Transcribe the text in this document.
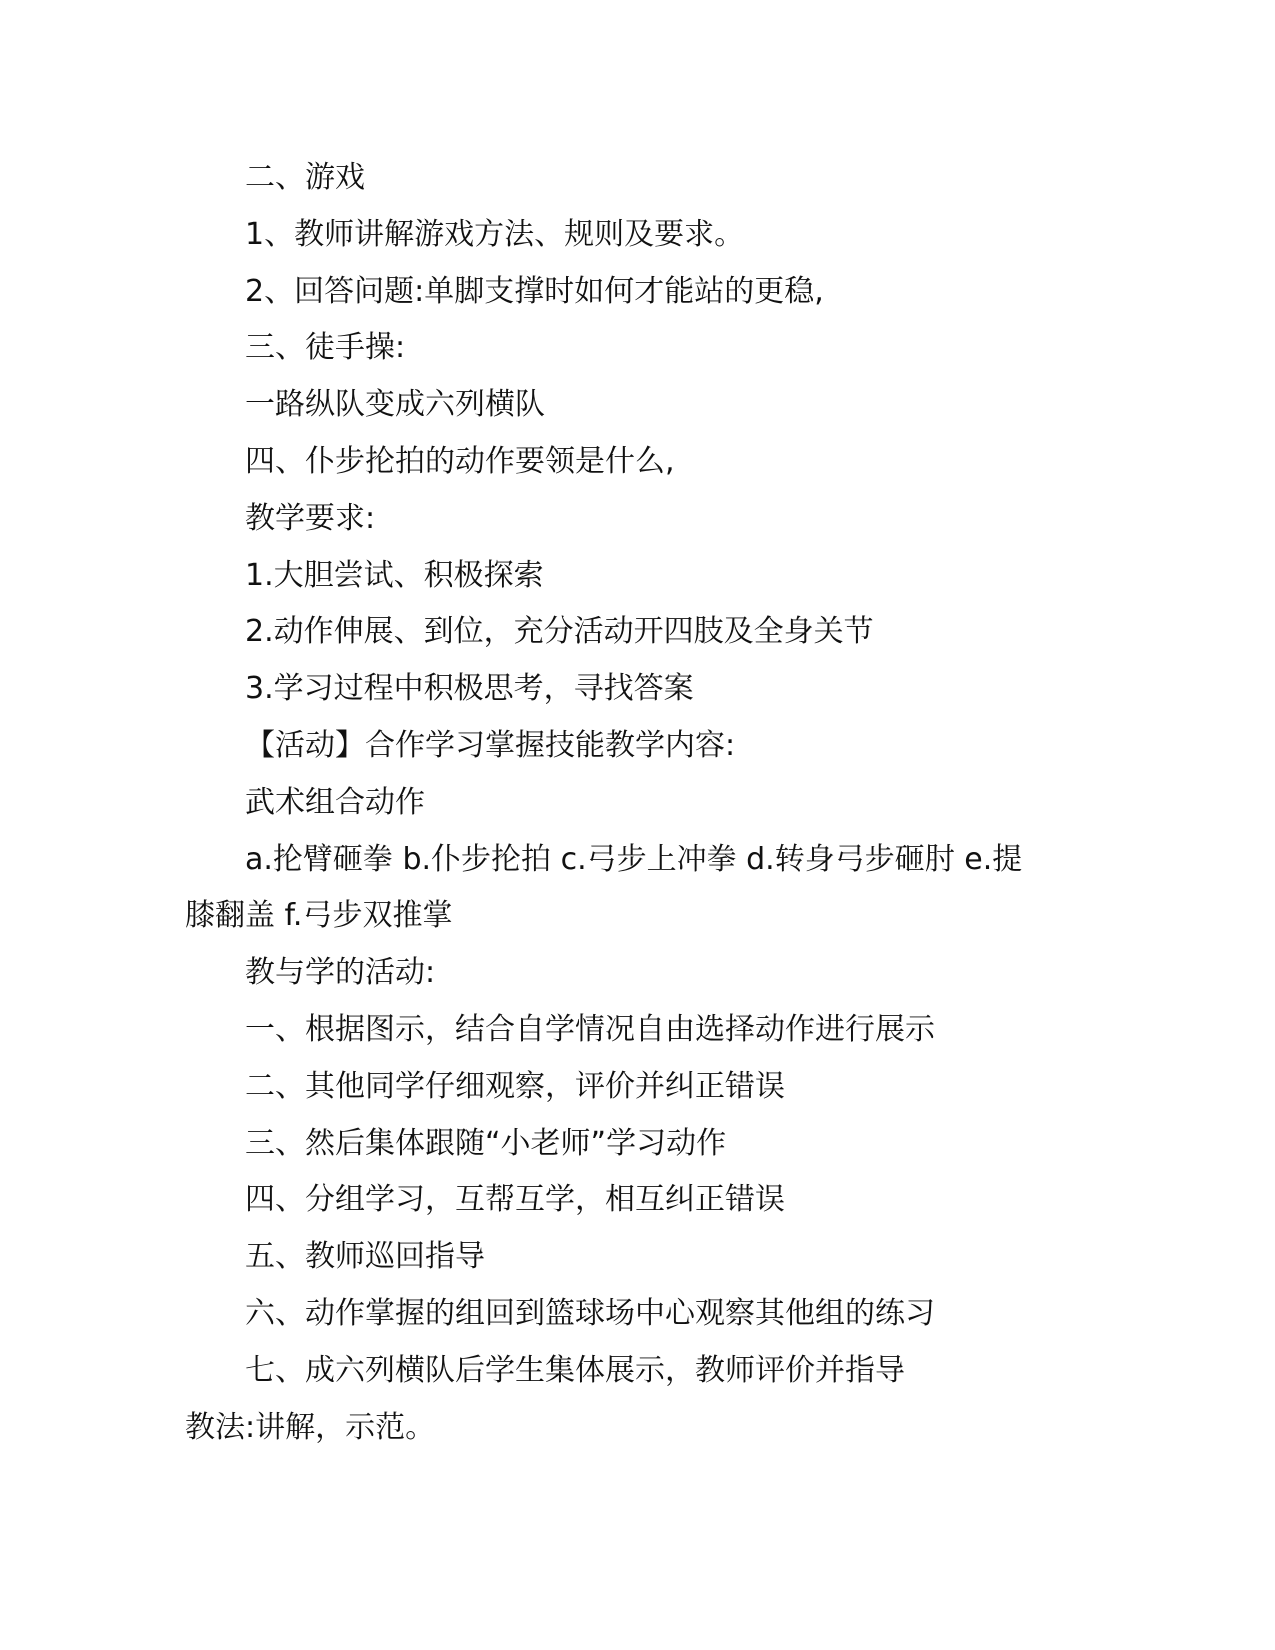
二、游戏

1、教师讲解游戏方法、规则及要求。

2、回答问题:单脚支撑时如何才能站的更稳,

三、徒手操:

一路纵队变成六列横队

四、仆步抡拍的动作要领是什么,

教学要求:

1.大胆尝试、积极探索

2.动作伸展、到位，充分活动开四肢及全身关节

3.学习过程中积极思考，寻找答案

【活动】合作学习掌握技能教学内容:

武术组合动作

a.抡臂砸拳 b.仆步抡拍 c.弓步上冲拳 d.转身弓步砸肘 e.提膝翻盖 f.弓步双推掌

教与学的活动:

一、根据图示，结合自学情况自由选择动作进行展示

二、其他同学仔细观察，评价并纠正错误

三、然后集体跟随“小老师”学习动作

四、分组学习，互帮互学，相互纠正错误

五、教师巡回指导

六、动作掌握的组回到篮球场中心观察其他组的练习

七、成六列横队后学生集体展示，教师评价并指导

教法:讲解，示范。
